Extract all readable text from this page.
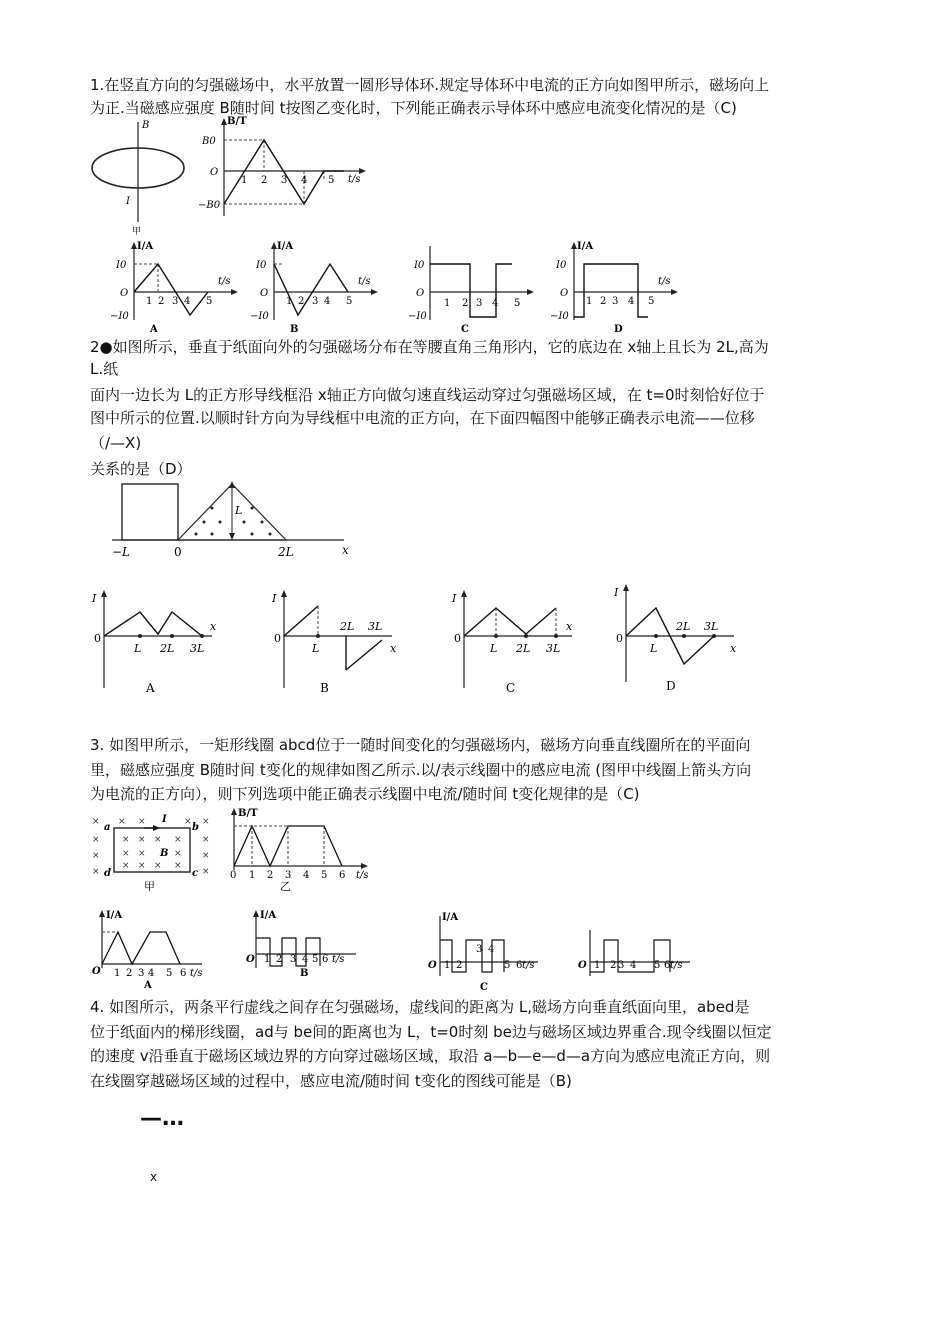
1.在竖直方向的匀强磁场中，水平放置一圆形导体环.规定导体环中电流的正方向如图甲所示，磁场向上
为正.当磁感应强度 B随时间 t按图乙变化时，下列能正确表示导体环中感应电流变化情况的是（C)
B
I
甲
B/T
t/s
B0
−B0
O
1 2 3 4 5
I/A
t/s
I0
−I0
O
1 2 3 4 5
A
I/A
t/s
I0
−I0
O
1 2 3 4 5
B
I0
−I0
O
1 2 3 4 5
C
I/A
t/s
I0
−I0
O
1 2 3 4 5
D
2●如图所示，垂直于纸面向外的匀强磁场分布在等腰直角三角形内，它的底边在 x轴上且长为 2L,高为
L.纸
面内一边长为 L的正方形导线框沿 x轴正方向做匀速直线运动穿过匀强磁场区域，在 t=0时刻恰好位于
图中所示的位置.以顺时针方向为导线框中电流的正方向，在下面四幅图中能够正确表示电流——位移
（/—X)
关系的是（D）
L
−L	0	2L	x
I
x
0
L 2L 3L
A
I
x
0
L
2L 3L
B
I
x
0
L 2L 3L
C
I
x
0
L
2L 3L
D
3. 如图甲所示，一矩形线圈 abcd位于一随时间变化的匀强磁场内，磁场方向垂直线圈所在的平面向
里，磁感应强度 B随时间 t变化的规律如图乙所示.以/表示线圈中的感应电流 (图甲中线圈上箭头方向
为电流的正方向），则下列选项中能正确表示线圈中电流/随时间 t变化规律的是（C)
× × ×	× ×
×	×
×	×
×	×
× × × ×
× ×	×
× × × ×
a	b
c
d
I
B
甲
B/T
t/s
0 1 2 3 4 5 6
乙
I/A
O 1 2 3 4 5 6 t/s
A
I/A
O 1 2 3 4 5 6 t/s
B
I/A
O 1 2
3 4
5 6 t/s
C
O 1 2 3 4 5 6 t/s
4. 如图所示，两条平行虚线之间存在匀强磁场，虚线间的距离为 L,磁场方向垂直纸面向里，abed是
位于纸面内的梯形线圈，ad与 be间的距离也为 L，t=0时刻 be边与磁场区域边界重合.现令线圈以恒定
的速度 v沿垂直于磁场区域边界的方向穿过磁场区域，取沿 a—b—e—d—a方向为感应电流正方向，则
在线圈穿越磁场区域的过程中，感应电流/随时间 t变化的图线可能是（B)
—…
x
